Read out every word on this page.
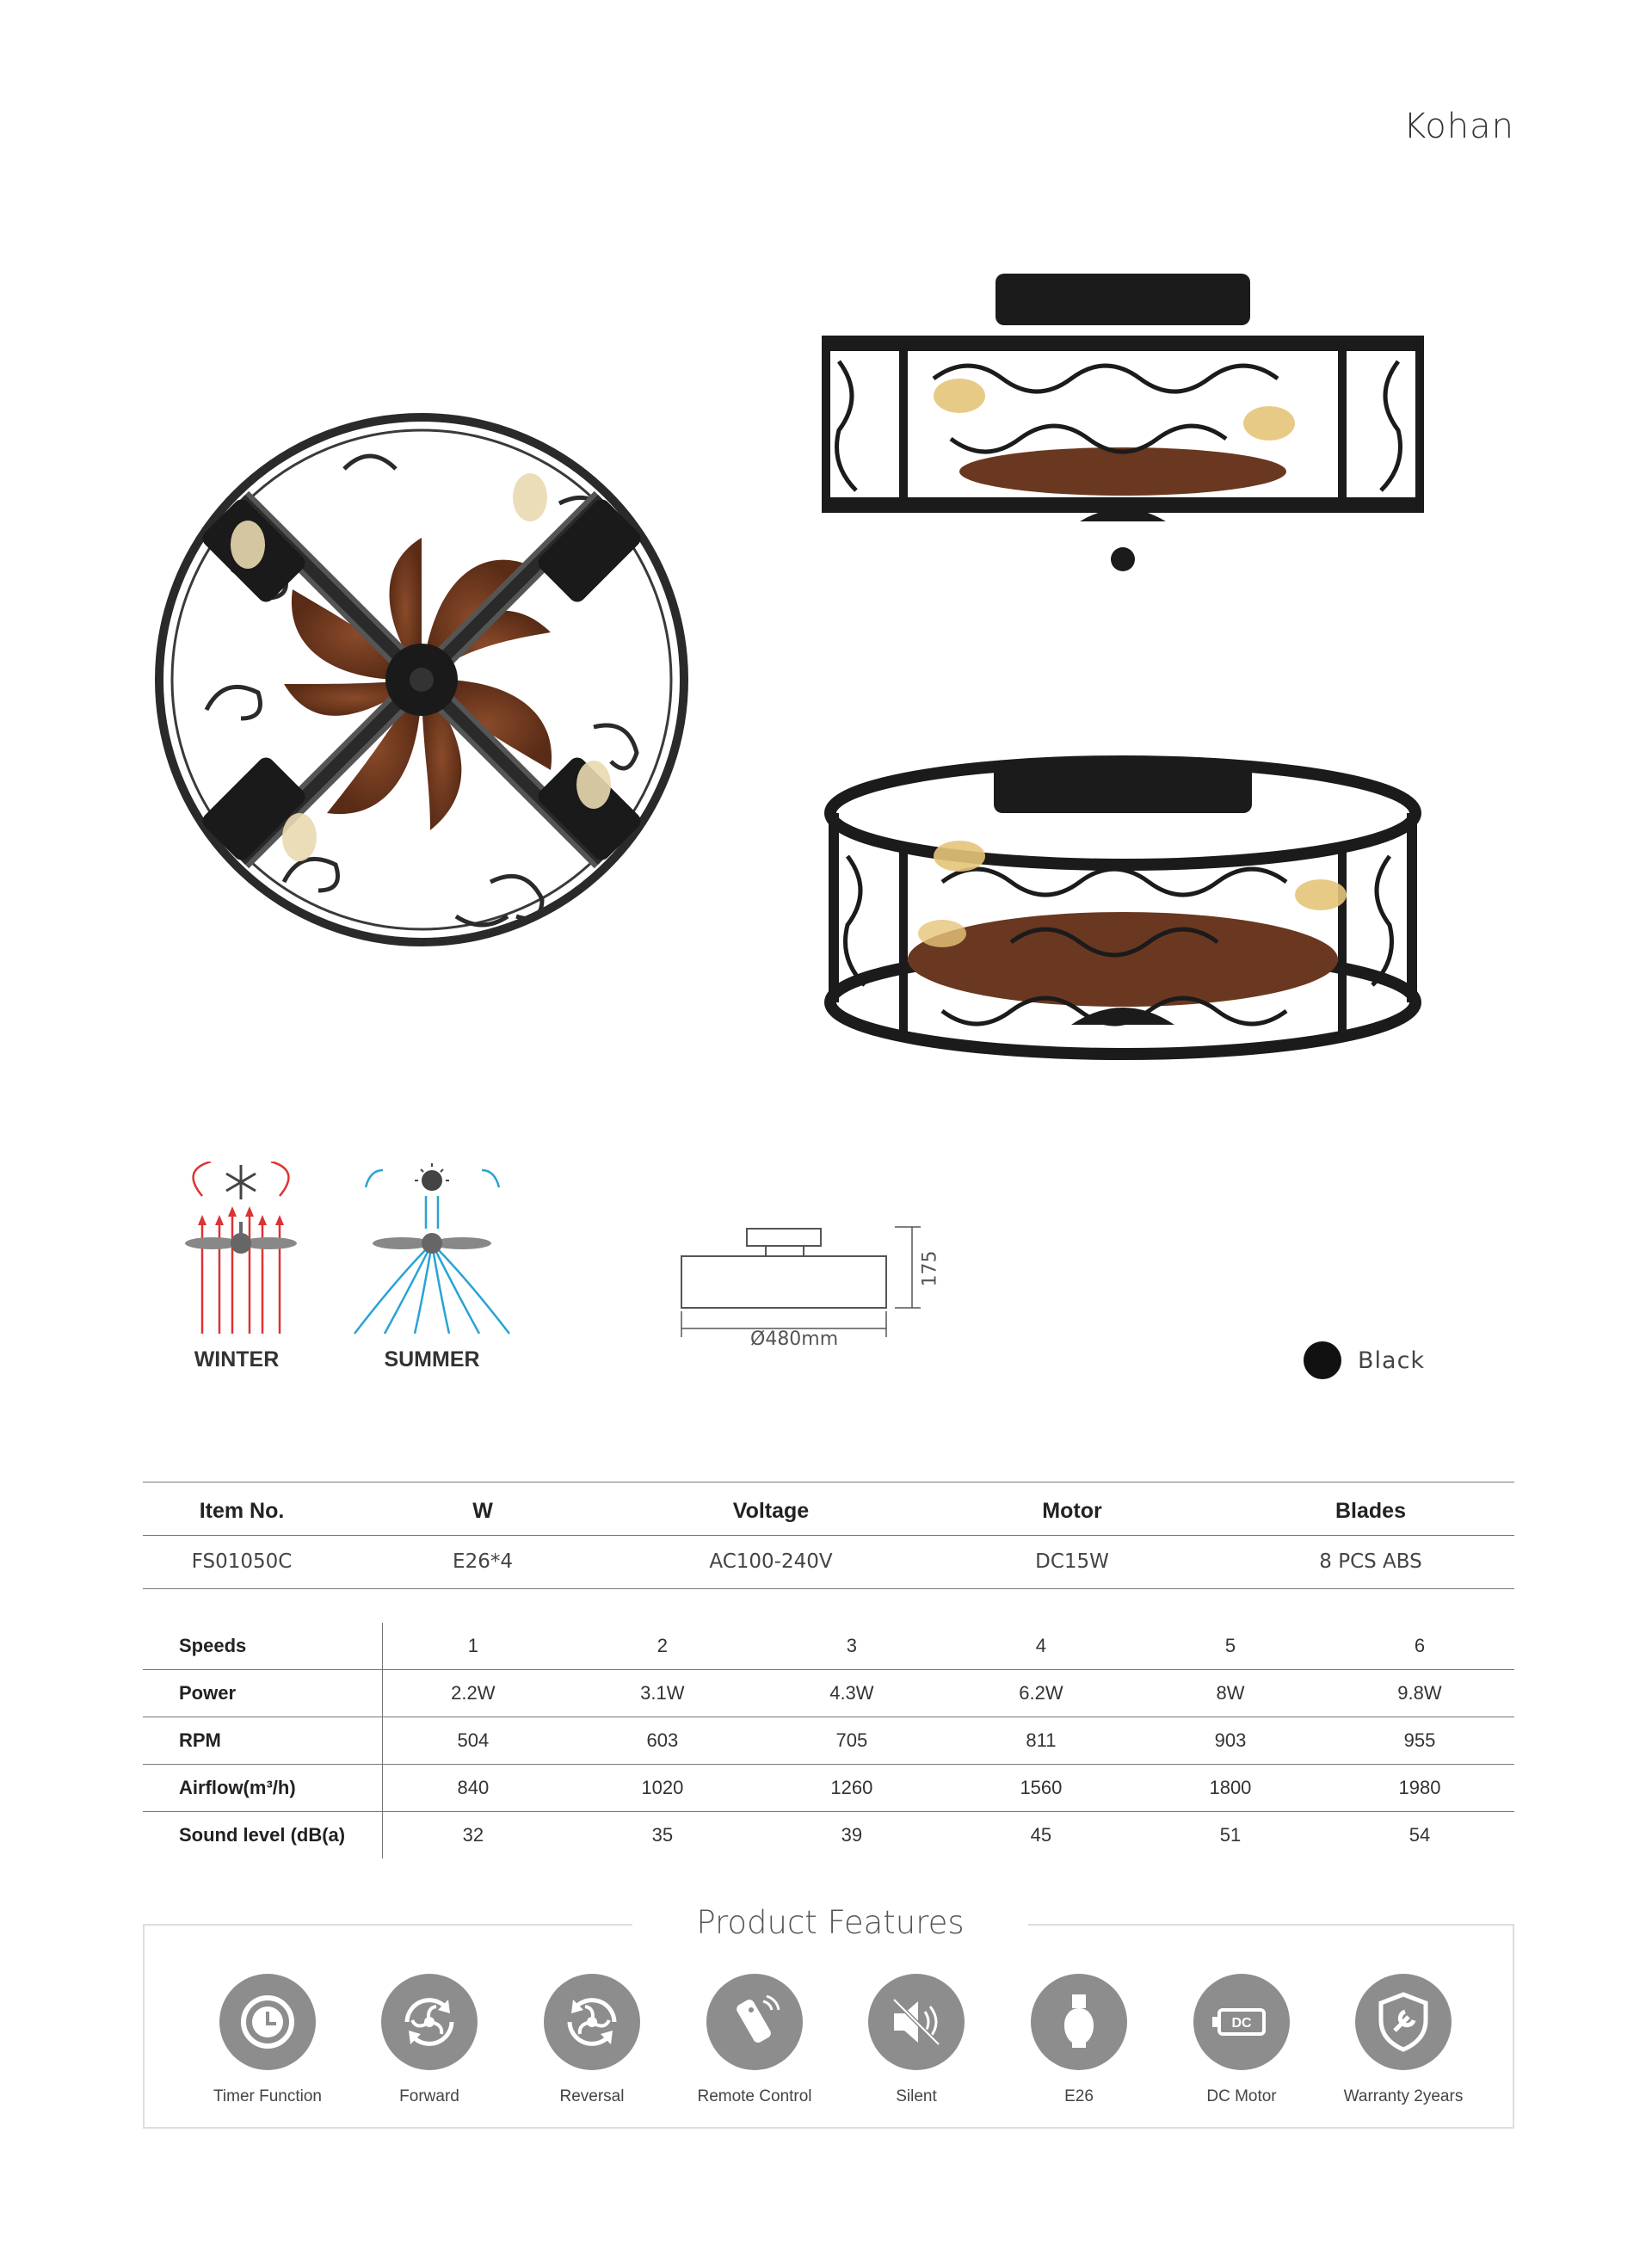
Kohan
WINTER	SUMMER
Ø480mm
175
Black
Item No.	W	Voltage	Motor	Blades
FS01050C	E26*4	AC100-240V	DC15W	8 PCS ABS
Speeds	1	2	3	4	5	6
Power	2.2W	3.1W	4.3W	6.2W	8W	9.8W
RPM	504	603	705	811	903	955
Airflow(m³/h)	840	1020	1260	1560	1800	1980
Sound level (dB(a)	32	35	39	45	51	54
Product Features
Timer Function	Forward	Reversal	Remote Control	Silent	E26
DC
DC Motor	Warranty 2years
